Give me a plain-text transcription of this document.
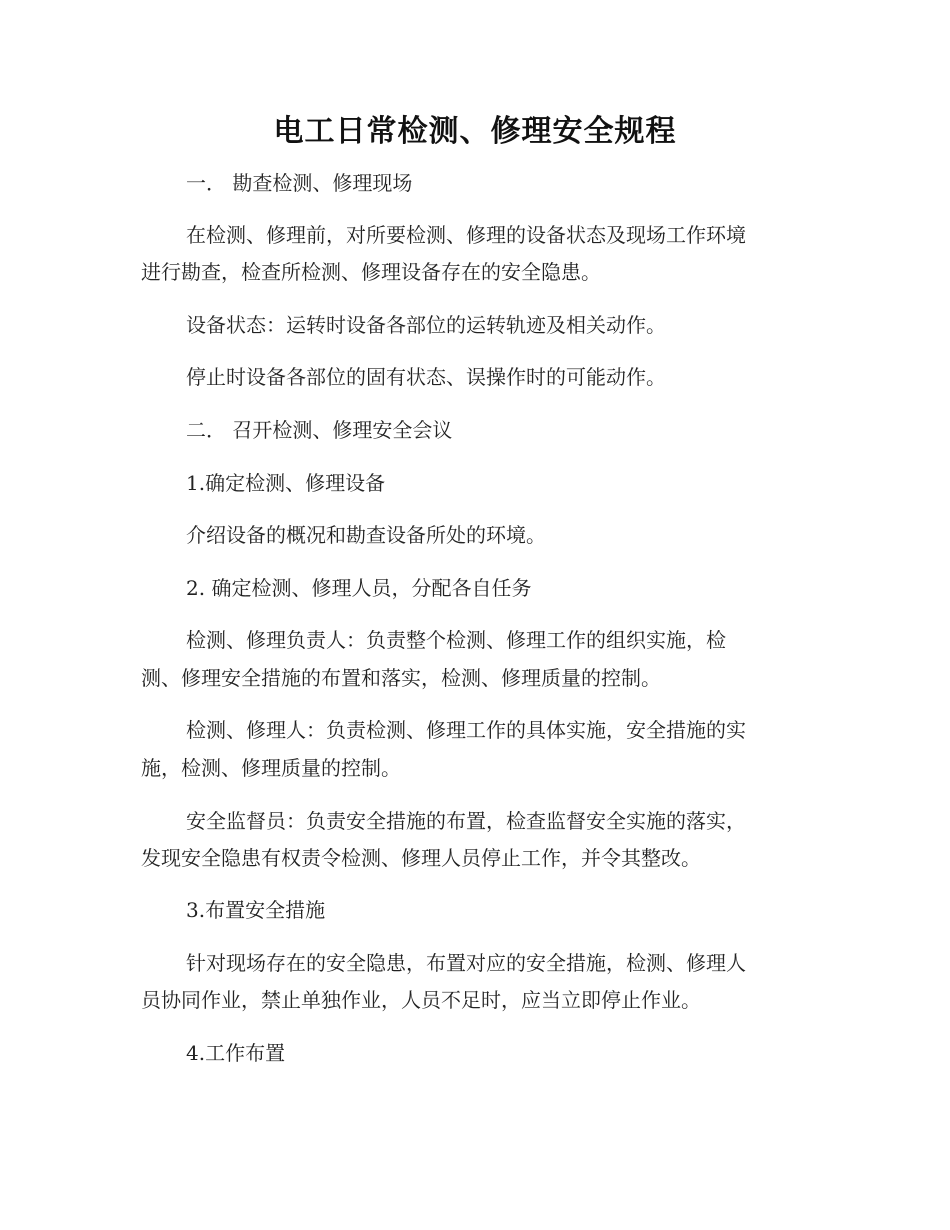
电工日常检测、修理安全规程
一． 勘查检测、修理现场
在检测、修理前，对所要检测、修理的设备状态及现场工作环境
进行勘查，检查所检测、修理设备存在的安全隐患。
设备状态：运转时设备各部位的运转轨迹及相关动作。
停止时设备各部位的固有状态、误操作时的可能动作。
二． 召开检测、修理安全会议
1.确定检测、修理设备
介绍设备的概况和勘查设备所处的环境。
2. 确定检测、修理人员，分配各自任务
检测、修理负责人：负责整个检测、修理工作的组织实施，检
测、修理安全措施的布置和落实，检测、修理质量的控制。
检测、修理人：负责检测、修理工作的具体实施，安全措施的实
施，检测、修理质量的控制。
安全监督员：负责安全措施的布置，检查监督安全实施的落实，
发现安全隐患有权责令检测、修理人员停止工作，并令其整改。
3.布置安全措施
针对现场存在的安全隐患，布置对应的安全措施，检测、修理人
员协同作业，禁止单独作业，人员不足时，应当立即停止作业。
4.工作布置
